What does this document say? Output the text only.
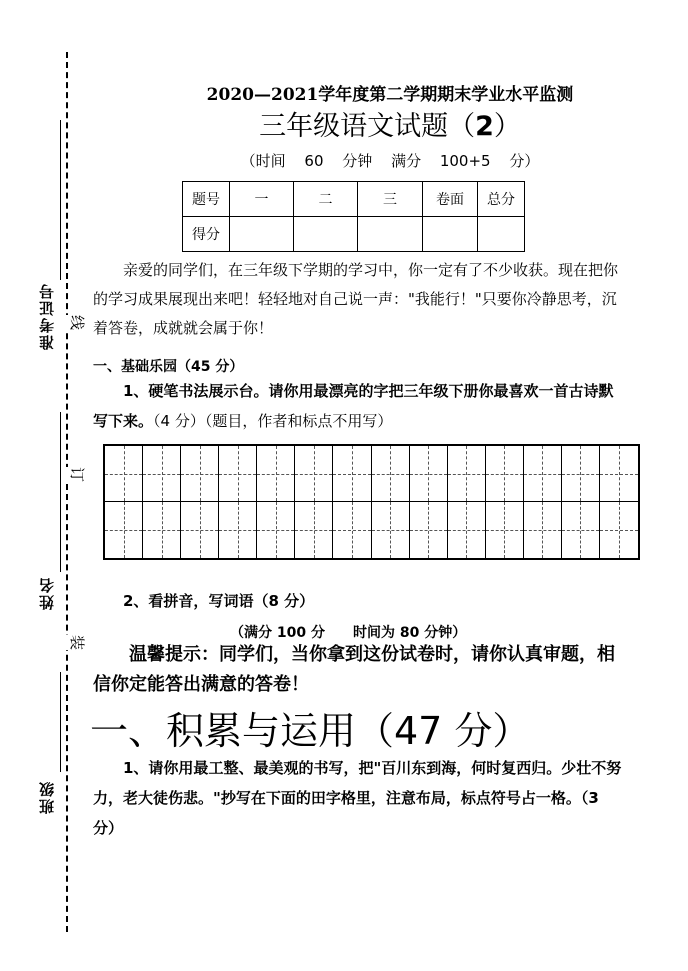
准考证号
姓名
班级
线
订
装
2020—2021学年度第二学期期末学业水平监测
三年级语文试题（2）
（时间 60 分钟 满分 100+5 分）
题号	一	二	三	卷面	总分
得分					
亲爱的同学们，在三年级下学期的学习中，你一定有了不少收获。现在把你的学习成果展现出来吧！轻轻地对自己说一声："我能行！"只要你冷静思考，沉着答卷，成就就会属于你！
一、基础乐园（45 分）
1、硬笔书法展示台。请你用最漂亮的字把三年级下册你最喜欢一首古诗默写下来。（4 分）（题目，作者和标点不用写）
2、看拼音，写词语（8 分）
（满分 100 分　　时间为 80 分钟）
温馨提示：同学们，当你拿到这份试卷时，请你认真审题，相信你定能答出满意的答卷！
一、积累与运用（47 分）
1、请你用最工整、最美观的书写，把"百川东到海，何时复西归。少壮不努力，老大徒伤悲。"抄写在下面的田字格里，注意布局，标点符号占一格。（3 分）
